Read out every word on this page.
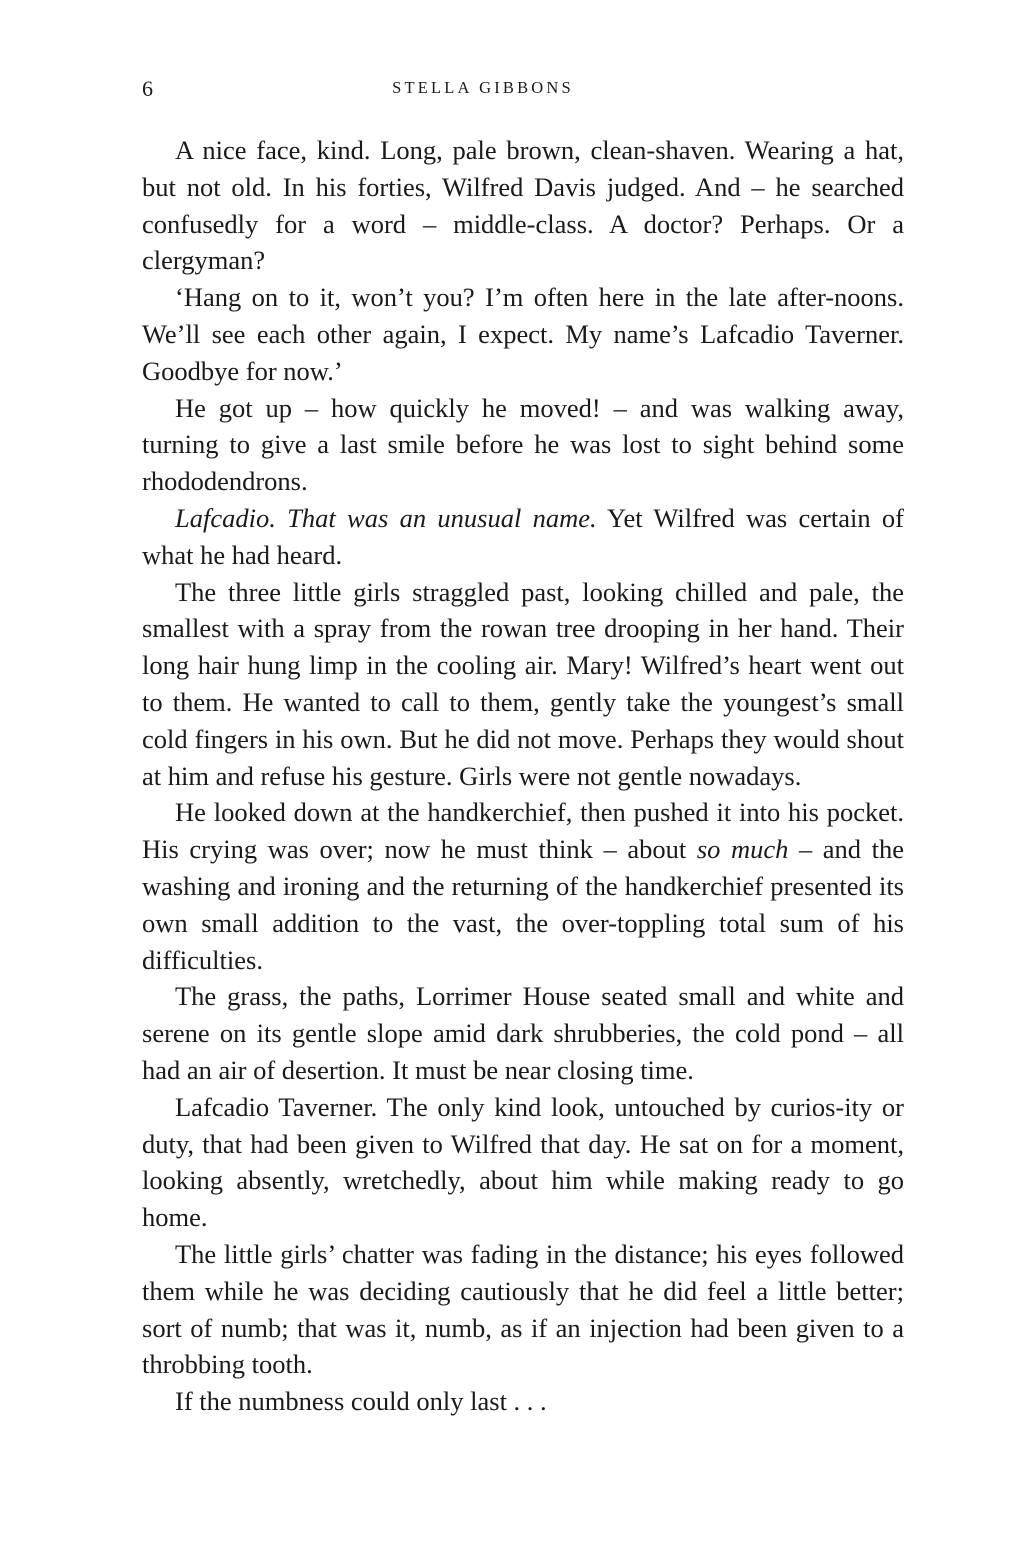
6	STELLA GIBBONS

A nice face, kind. Long, pale brown, clean-shaven. Wearing a hat, but not old. In his forties, Wilfred Davis judged. And – he searched confusedly for a word – middle-class. A doctor? Perhaps. Or a clergyman?

‘Hang on to it, won’t you? I’m often here in the late after-noons. We’ll see each other again, I expect. My name’s Lafcadio Taverner. Goodbye for now.’

He got up – how quickly he moved! – and was walking away, turning to give a last smile before he was lost to sight behind some rhododendrons.

Lafcadio. That was an unusual name. Yet Wilfred was certain of what he had heard.

The three little girls straggled past, looking chilled and pale, the smallest with a spray from the rowan tree drooping in her hand. Their long hair hung limp in the cooling air. Mary! Wilfred’s heart went out to them. He wanted to call to them, gently take the youngest’s small cold fingers in his own. But he did not move. Perhaps they would shout at him and refuse his gesture. Girls were not gentle nowadays.

He looked down at the handkerchief, then pushed it into his pocket. His crying was over; now he must think – about so much – and the washing and ironing and the returning of the handkerchief presented its own small addition to the vast, the over-toppling total sum of his difficulties.

The grass, the paths, Lorrimer House seated small and white and serene on its gentle slope amid dark shrubberies, the cold pond – all had an air of desertion. It must be near closing time.

Lafcadio Taverner. The only kind look, untouched by curios-ity or duty, that had been given to Wilfred that day. He sat on for a moment, looking absently, wretchedly, about him while making ready to go home.

The little girls’ chatter was fading in the distance; his eyes followed them while he was deciding cautiously that he did feel a little better; sort of numb; that was it, numb, as if an injection had been given to a throbbing tooth.

If the numbness could only last . . .
